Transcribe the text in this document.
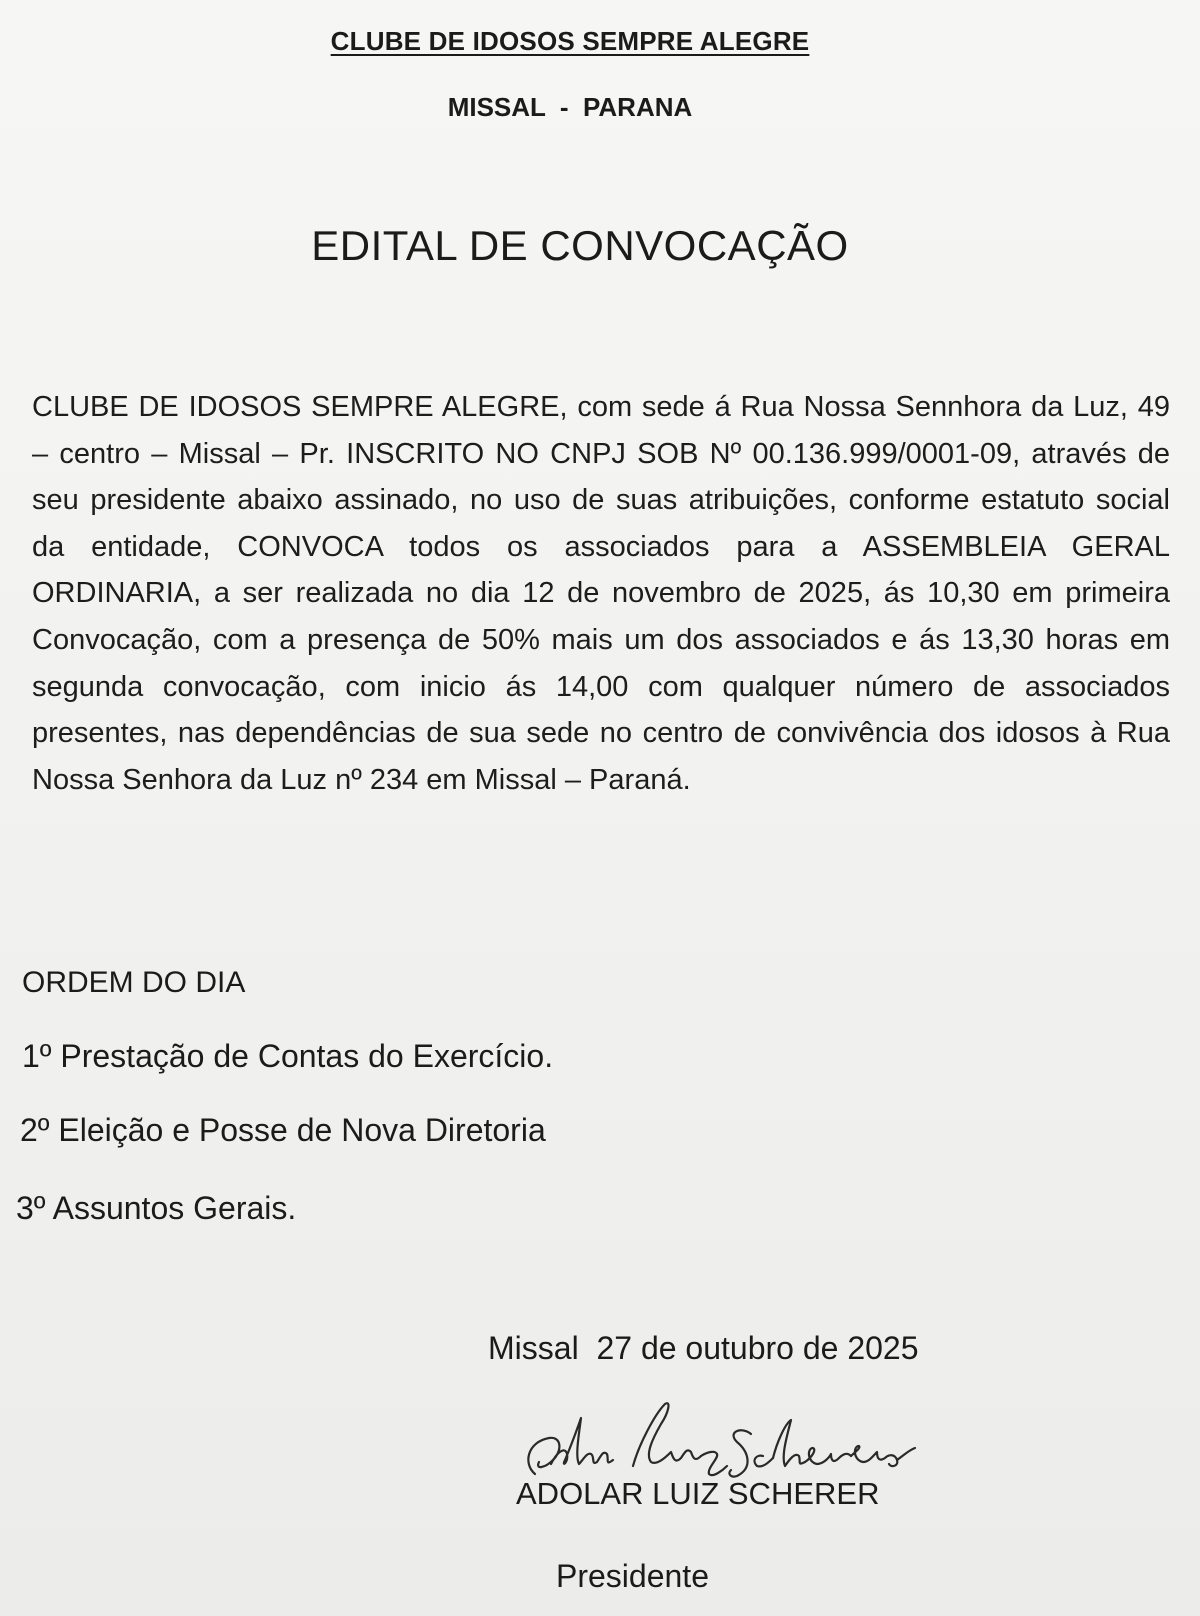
CLUBE DE IDOSOS SEMPRE ALEGRE
MISSAL  -  PARANA
EDITAL DE CONVOCAÇÃO

CLUBE DE IDOSOS SEMPRE ALEGRE, com sede á Rua Nossa Sennhora da Luz, 49 – centro – Missal – Pr. INSCRITO NO CNPJ SOB Nº 00.136.999/0001-09, através de seu presidente abaixo assinado, no uso de suas atribuições, conforme estatuto social da entidade, CONVOCA todos os associados para a ASSEMBLEIA GERAL ORDINARIA, a ser realizada no dia 12 de novembro de 2025, ás 10,30 em primeira Convocação, com a presença de 50% mais um dos associados e ás 13,30 horas em segunda convocação, com inicio ás 14,00 com qualquer número de associados presentes, nas dependências de sua sede no centro de convivência dos idosos à Rua Nossa Senhora da Luz nº 234 em Missal – Paraná.

ORDEM DO DIA
1º Prestação de Contas do Exercício.
2º Eleição e Posse de Nova Diretoria
3º Assuntos Gerais.
Missal  27 de outubro de 2025
ADOLAR LUIZ SCHERER
Presidente
